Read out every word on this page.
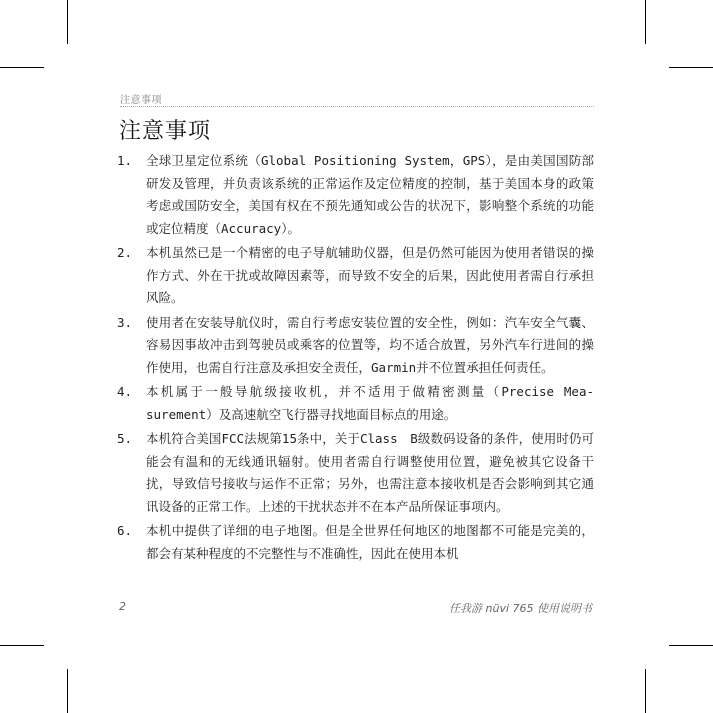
注意事项
注意事项
1. 全球卫星定位系统（Global Positioning System，GPS），是由美国国防部研发及管理，并负责该系统的正常运作及定位精度的控制，基于美国本身的政策考虑或国防安全，美国有权在不预先通知或公告的状况下，影响整个系统的功能或定位精度（Accuracy）。
2. 本机虽然已是一个精密的电子导航辅助仪器，但是仍然可能因为使用者错误的操作方式、外在干扰或故障因素等，而导致不安全的后果，因此使用者需自行承担风险。
3. 使用者在安装导航仪时，需自行考虑安装位置的安全性，例如：汽车安全气囊、容易因事故冲击到驾驶员或乘客的位置等，均不适合放置，另外汽车行进间的操作使用，也需自行注意及承担安全责任，Garmin并不位置承担任何责任。
4. 本机属于一般导航级接收机，并不适用于做精密测量（Precise Mea-surement）及高速航空飞行器寻找地面目标点的用途。
5. 本机符合美国FCC法规第15条中，关于Class　B级数码设备的条件，使用时仍可能会有温和的无线通讯辐射。使用者需自行调整使用位置，避免被其它设备干扰，导致信号接收与运作不正常；另外，也需注意本接收机是否会影响到其它通讯设备的正常工作。上述的干扰状态并不在本产品所保证事项内。
6. 本机中提供了详细的电子地图。但是全世界任何地区的地图都不可能是完美的，都会有某种程度的不完整性与不准确性，因此在使用本机
2	任我游 nüvi 765 使用说明书
